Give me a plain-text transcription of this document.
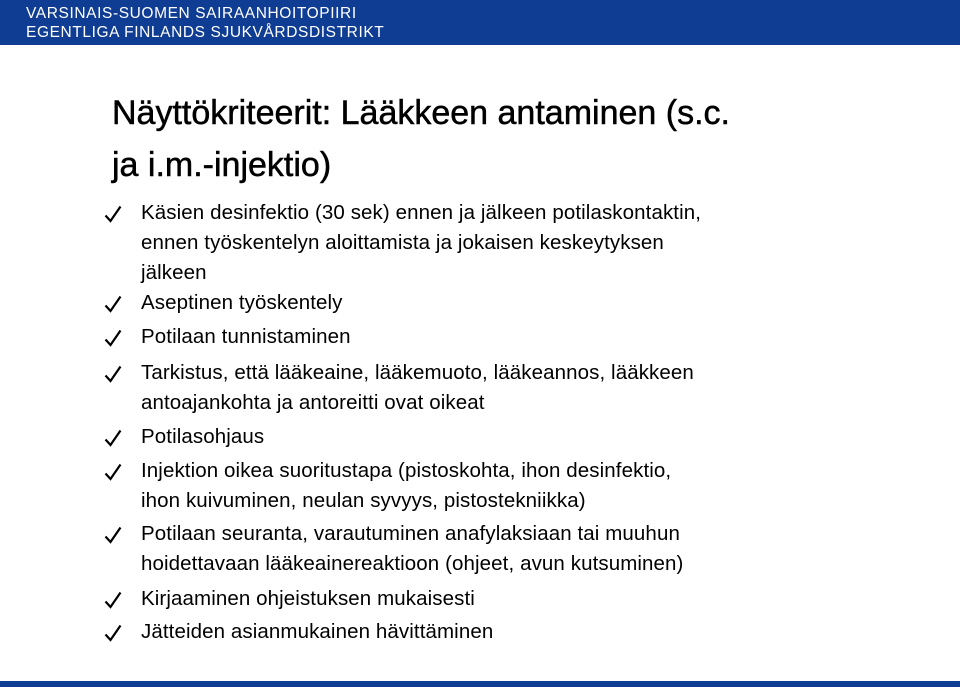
VARSINAIS-SUOMEN SAIRAANHOITOPIIRI
EGENTLIGA FINLANDS SJUKVÅRDSDISTRIKT
Näyttökriteerit: Lääkkeen antaminen (s.c.
ja i.m.-injektio)
Käsien desinfektio (30 sek) ennen ja jälkeen potilaskontaktin,
ennen työskentelyn aloittamista ja jokaisen keskeytyksen
jälkeen
Aseptinen työskentely
Potilaan tunnistaminen
Tarkistus, että lääkeaine, lääkemuoto, lääkeannos, lääkkeen
antoajankohta ja antoreitti ovat oikeat
Potilasohjaus
Injektion oikea suoritustapa (pistoskohta, ihon desinfektio,
ihon kuivuminen, neulan syvyys, pistostekniikka)
Potilaan seuranta, varautuminen anafylaksiaan tai muuhun
hoidettavaan lääkeainereaktioon (ohjeet, avun kutsuminen)
Kirjaaminen ohjeistuksen mukaisesti
Jätteiden asianmukainen hävittäminen
